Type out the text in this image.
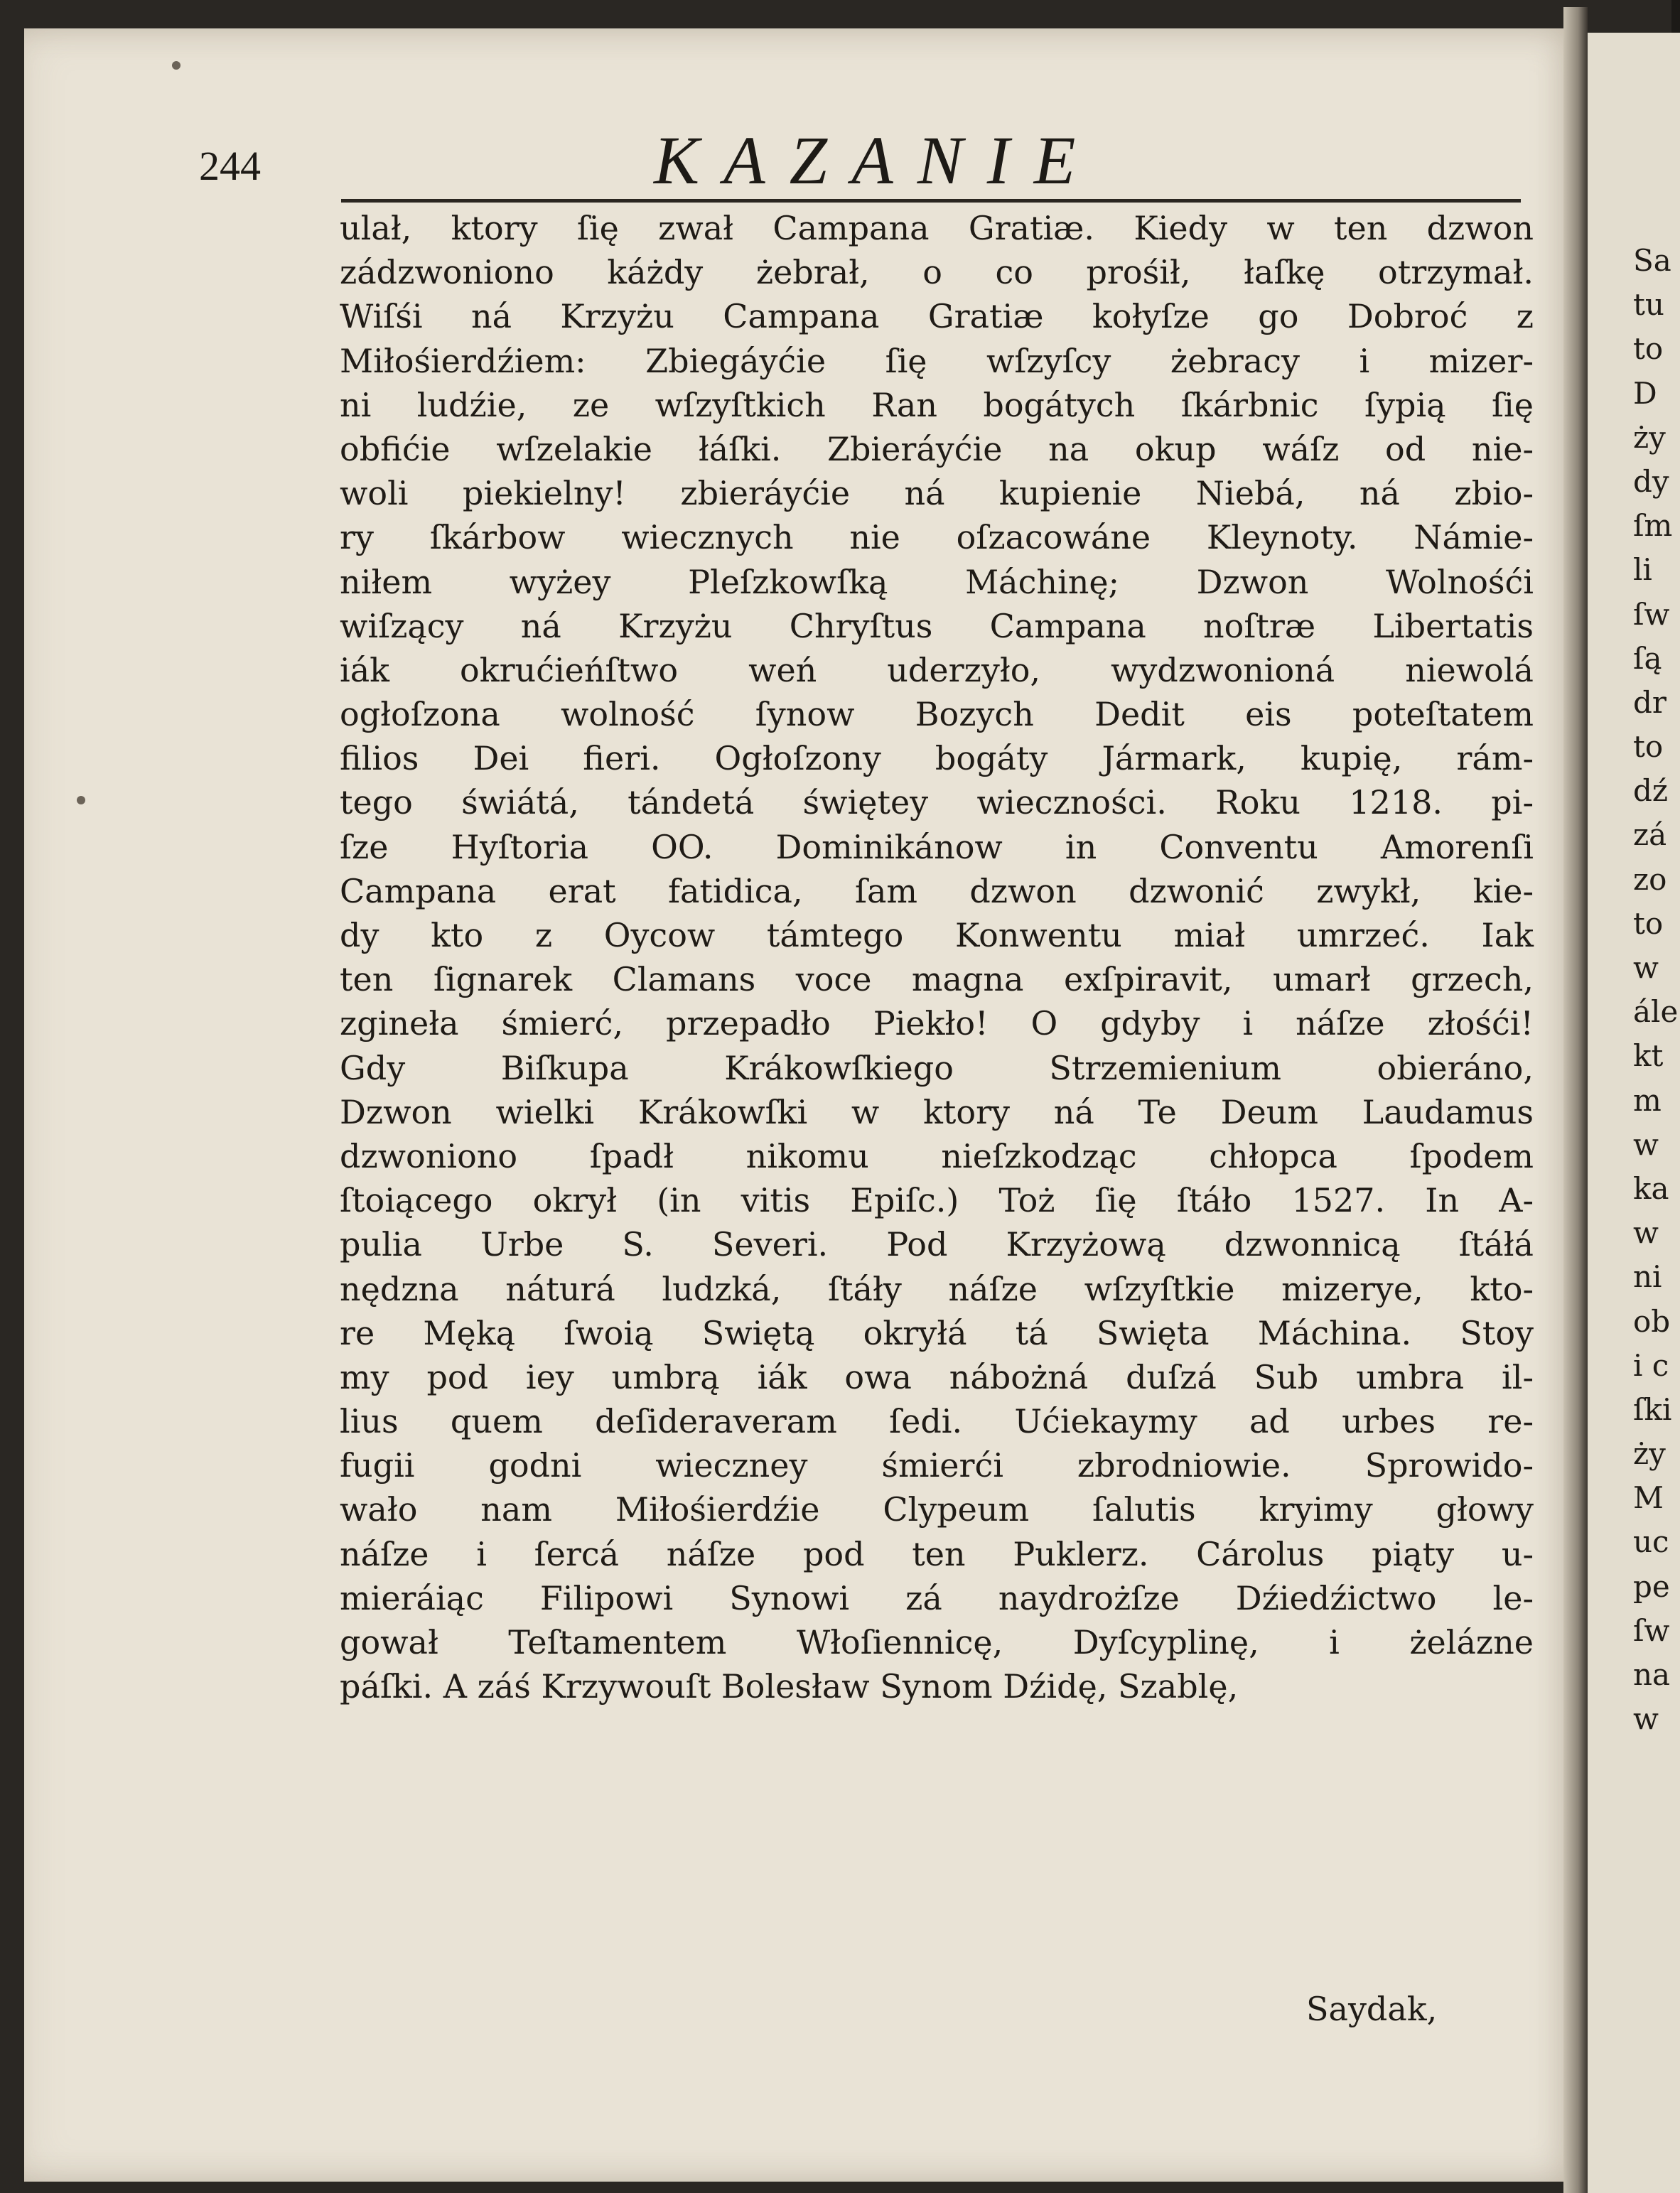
Sa
tu
to
D
ży
dy
ſm
li
ſw
ſą
dr
to
dź
zá
zo
to
w
ále
kt
m
w
ka
w
ni
ob
i c
ſki
ży
M
uc
pe
ſw
na
w
244	KAZANIE
ulał, ktory ſię zwał Campana Gratiæ. Kiedy w ten dzwon
zádzwoniono káżdy żebrał, o co prośił, łaſkę otrzymał.
Wiſśi ná Krzyżu Campana Gratiæ kołyſze go Dobroć z
Miłośierdźiem: Zbiegáyćie ſię wſzyſcy żebracy i mizer-
ni ludźie, ze wſzyſtkich Ran bogátych ſkárbnic ſypią ſię
obfićie wſzelakie łáſki. Zbieráyćie na okup wáſz od nie-
woli piekielny! zbieráyćie ná kupienie Niebá, ná zbio-
ry ſkárbow wiecznych nie oſzacowáne Kleynoty. Námie-
niłem wyżey Pleſzkowſką Máchinę; Dzwon Wolnośći
wiſzący ná Krzyżu Chryſtus Campana noſtræ Libertatis
iák okrućieńſtwo weń uderzyło, wydzwonioná niewolá
ogłoſzona wolność ſynow Bozych Dedit eis poteſtatem
filios Dei fieri. Ogłoſzony bogáty Jármark, kupię, rám-
tego świátá, tándetá świętey wieczności. Roku 1218. pi-
ſze Hyſtoria OO. Dominikánow in Conventu Amorenſi
Campana erat fatidica, ſam dzwon dzwonić zwykł, kie-
dy kto z Oycow támtego Konwentu miał umrzeć. Iak
ten ſignarek Clamans voce magna exſpiravit, umarł grzech,
zgineła śmierć, przepadło Piekło! O gdyby i náſze złośći!
Gdy Biſkupa Krákowſkiego Strzemienium obieráno,
Dzwon wielki Krákowſki w ktory ná Te Deum Laudamus
dzwoniono ſpadł nikomu nieſzkodząc chłopca ſpodem
ſtoiącego okrył (in vitis Epiſc.) Toż ſię ſtáło 1527. In A-
pulia Urbe S. Severi. Pod Krzyżową dzwonnicą ſtáłá
nędzna náturá ludzká, ſtáły náſze wſzyſtkie mizerye, kto-
re Męką ſwoią Swiętą okryłá tá Swięta Máchina. Stoy
my pod iey umbrą iák owa nábożná duſzá Sub umbra il-
lius quem deſideraveram ſedi. Ućiekaymy ad urbes re-
fugii godni wieczney śmierći zbrodniowie. Sprowido-
wało nam Miłośierdźie Clypeum ſalutis kryimy głowy
náſze i ſercá náſze pod ten Puklerz. Cárolus piąty u-
mieráiąc Filipowi Synowi zá naydrożſze Dźiedźictwo le-
gował Teſtamentem Włoſiennicę, Dyſcyplinę, i żelázne
páſki. A záś Krzywouſt Bolesław Synom Dźidę, Szablę,
Saydak,
